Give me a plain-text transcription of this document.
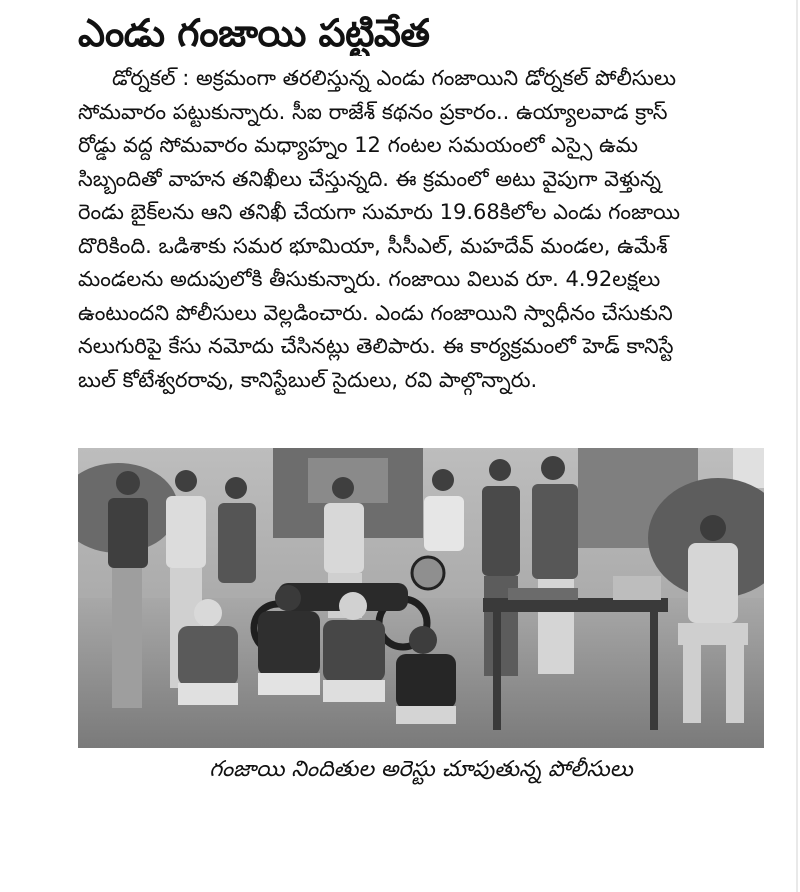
ఎండు గంజాయి పట్టివేత
డోర్నకల్ : అక్రమంగా తరలిస్తున్న ఎండు గంజాయిని డోర్నకల్ పోలీసులు
సోమవారం పట్టుకున్నారు. సీఐ రాజేశ్ కథనం ప్రకారం.. ఉయ్యాలవాడ క్రాస్
రోడ్డు వద్ద సోమవారం మధ్యాహ్నం 12 గంటల సమయంలో ఎస్సై ఉమ
సిబ్బందితో వాహన తనిఖీలు చేస్తున్నది. ఈ క్రమంలో అటు వైపుగా వెళ్తున్న
రెండు బైక్‌లను ఆని తనిఖీ చేయగా సుమారు 19.68కిలోల ఎండు గంజాయి
దొరికింది. ఒడిశాకు సమర భూమియా, సీసీఎల్, మహదేవ్ మండల, ఉమేశ్
మండలను అదుపులోకి తీసుకున్నారు. గంజాయి విలువ రూ. 4.92లక్షలు
ఉంటుందని పోలీసులు వెల్లడించారు. ఎండు గంజాయిని స్వాధీనం చేసుకుని
నలుగురిపై కేసు నమోదు చేసినట్లు తెలిపారు. ఈ కార్యక్రమంలో హెడ్ కానిస్టే
బుల్ కోటేశ్వరరావు, కానిస్టేబుల్ సైదులు, రవి పాల్గొన్నారు.
గంజాయి నిందితుల అరెస్టు చూపుతున్న పోలీసులు
